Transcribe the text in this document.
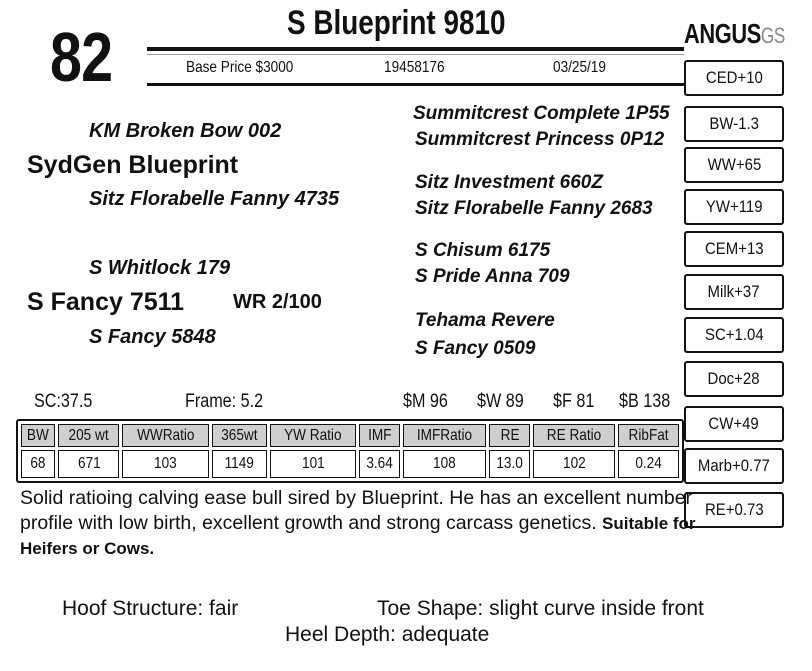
82	S Blueprint 9810
Base Price $3000	19458176	03/25/19
ANGUSGS
KM Broken Bow 002
SydGen Blueprint
Sitz Florabelle Fanny 4735
S Whitlock 179
S Fancy 7511 WR 2/100
S Fancy 5848
Summitcrest Complete 1P55
Summitcrest Princess 0P12
Sitz Investment 660Z
Sitz Florabelle Fanny 2683
S Chisum 6175
S Pride Anna 709
Tehama Revere
S Fancy 0509
CED+10
BW-1.3
WW+65
YW+119
CEM+13
Milk+37
SC+1.04
Doc+28
CW+49
Marb+0.77
RE+0.73
SC:37.5	Frame: 5.2	$M 96 $W 89 $F 81 $B 138
BW	205 wt	WWRatio	365wt	YW Ratio	IMF	IMFRatio	RE	RE Ratio	RibFat
68	671	103	1149	101	3.64	108	13.0	102	0.24
Solid ratioing calving ease bull sired by Blueprint. He has an excellent number profile with low birth, excellent growth and strong carcass genetics. Suitable for Heifers or Cows.
Hoof Structure: fair	Toe Shape: slight curve inside front
Heel Depth: adequate
